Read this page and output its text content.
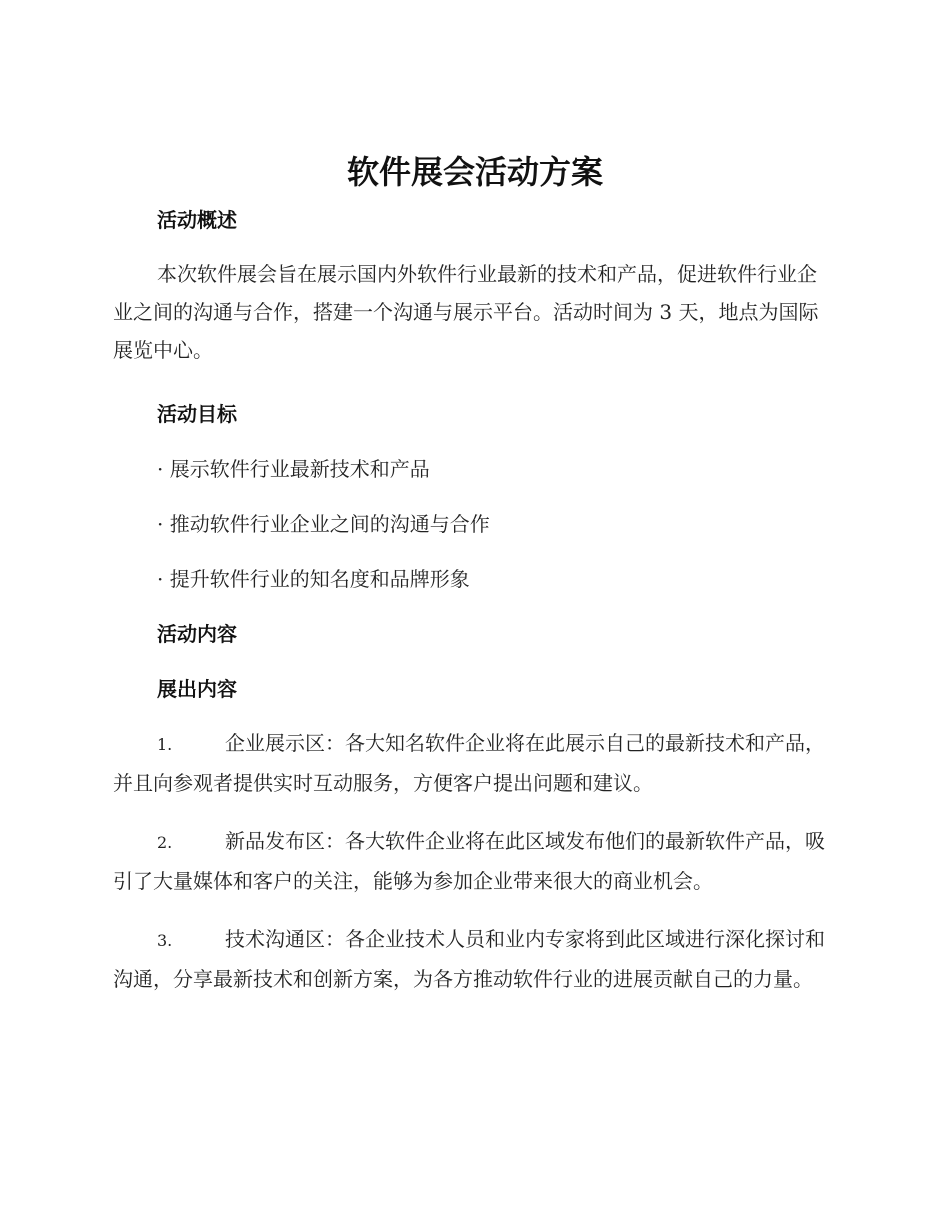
软件展会活动方案
活动概述
本次软件展会旨在展示国内外软件行业最新的技术和产品，促进软件行业企业之间的沟通与合作，搭建一个沟通与展示平台。活动时间为 3 天，地点为国际展览中心。
活动目标
· 展示软件行业最新技术和产品
· 推动软件行业企业之间的沟通与合作
· 提升软件行业的知名度和品牌形象
活动内容
展出内容
1.	企业展示区：各大知名软件企业将在此展示自己的最新技术和产品，并且向参观者提供实时互动服务，方便客户提出问题和建议。
2.	新品发布区：各大软件企业将在此区域发布他们的最新软件产品，吸引了大量媒体和客户的关注，能够为参加企业带来很大的商业机会。
3.	技术沟通区：各企业技术人员和业内专家将到此区域进行深化探讨和沟通，分享最新技术和创新方案，为各方推动软件行业的进展贡献自己的力量。
